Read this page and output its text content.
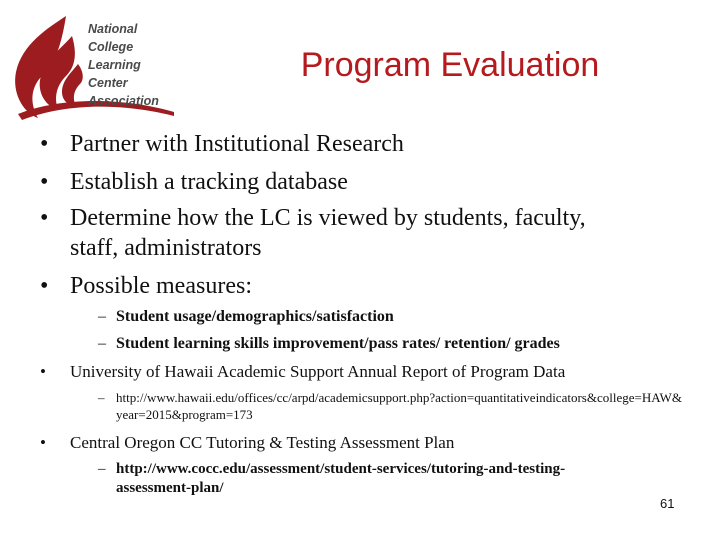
National
College
Learning
Center
Association
Program Evaluation
• Partner with Institutional Research
• Establish a tracking database
• Determine how the LC is viewed by students, faculty,
staff, administrators
• Possible measures:
– Student usage/demographics/satisfaction
– Student learning skills improvement/pass rates/ retention/ grades
• University of Hawaii Academic Support Annual Report of Program Data
– http://www.hawaii.edu/offices/cc/arpd/academicsupport.php?action=quantitativeindicators&college=HAW&year=2015&program=173
• Central Oregon CC Tutoring & Testing Assessment Plan
– http://www.cocc.edu/assessment/student-services/tutoring-and-testing-assessment-plan/
61
